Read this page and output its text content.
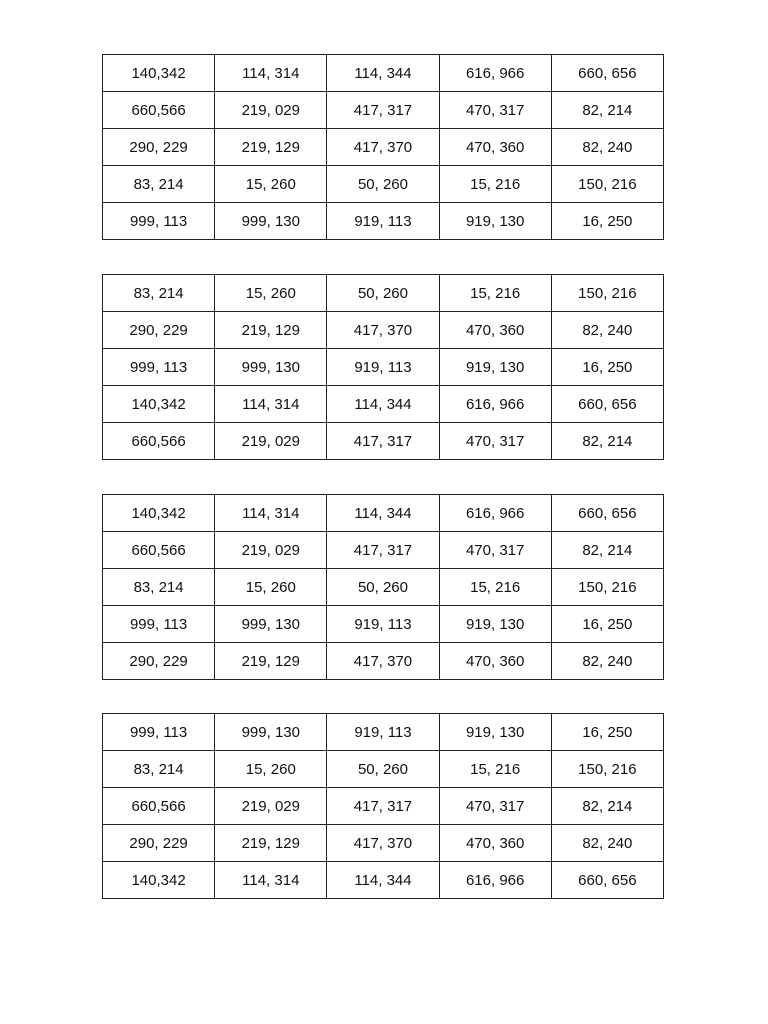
140,342	114, 314	114, 344	616, 966	660, 656
660,566	219, 029	417, 317	470, 317	82, 214
290, 229	219, 129	417, 370	470, 360	82, 240
83, 214	15, 260	50, 260	15, 216	150, 216
999, 113	999, 130	919, 113	919, 130	16, 250
83, 214	15, 260	50, 260	15, 216	150, 216
290, 229	219, 129	417, 370	470, 360	82, 240
999, 113	999, 130	919, 113	919, 130	16, 250
140,342	114, 314	114, 344	616, 966	660, 656
660,566	219, 029	417, 317	470, 317	82, 214
140,342	114, 314	114, 344	616, 966	660, 656
660,566	219, 029	417, 317	470, 317	82, 214
83, 214	15, 260	50, 260	15, 216	150, 216
999, 113	999, 130	919, 113	919, 130	16, 250
290, 229	219, 129	417, 370	470, 360	82, 240
999, 113	999, 130	919, 113	919, 130	16, 250
83, 214	15, 260	50, 260	15, 216	150, 216
660,566	219, 029	417, 317	470, 317	82, 214
290, 229	219, 129	417, 370	470, 360	82, 240
140,342	114, 314	114, 344	616, 966	660, 656
